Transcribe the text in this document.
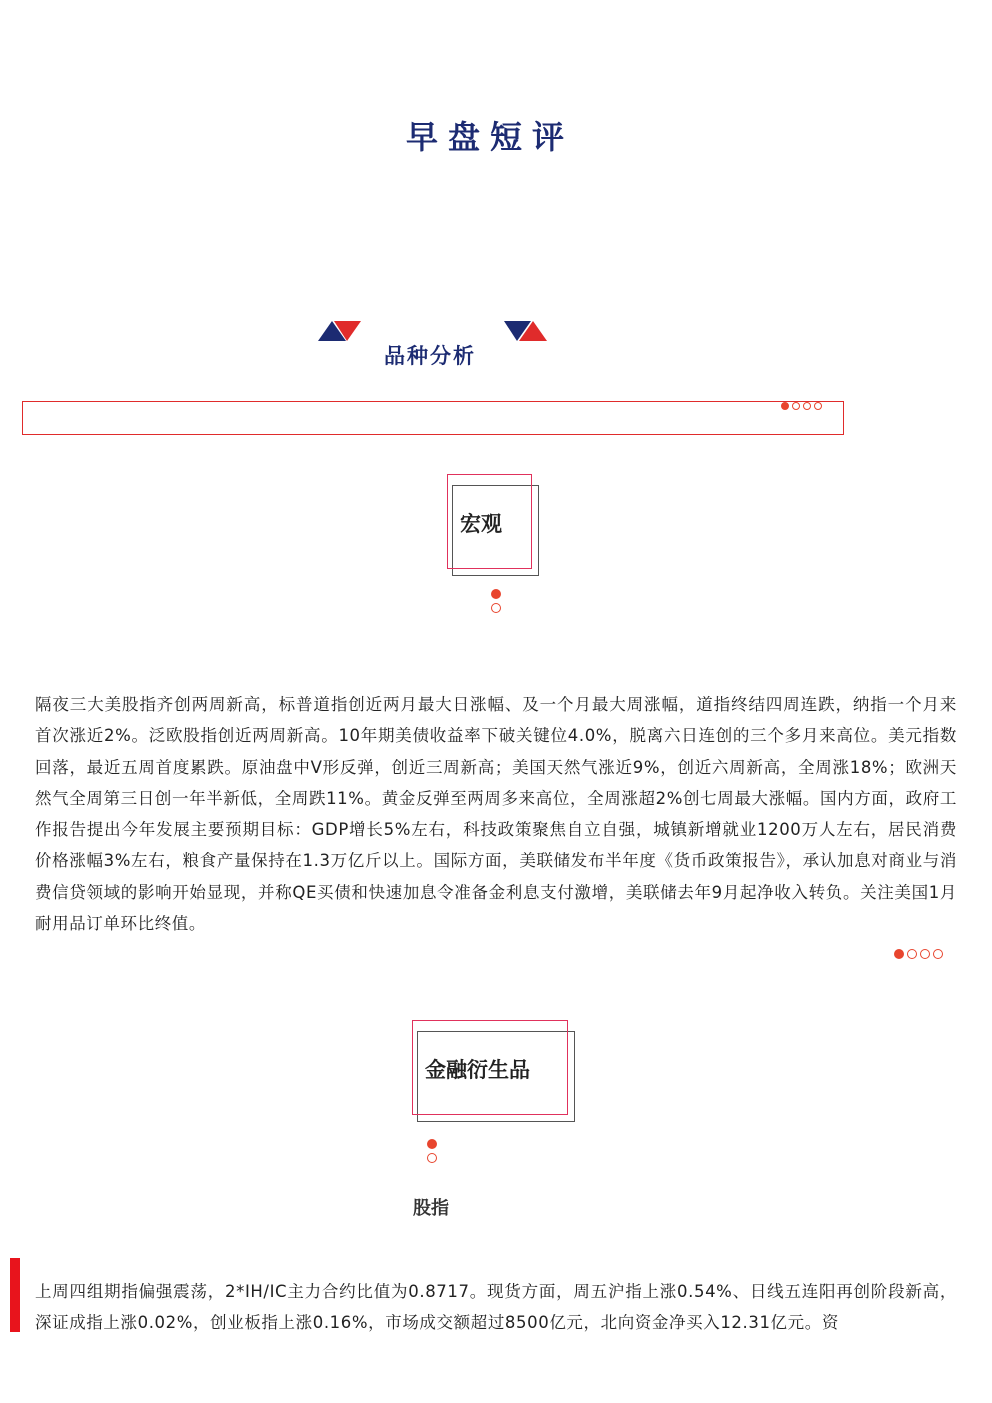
早盘短评
品种分析
宏观
隔夜三大美股指齐创两周新高，标普道指创近两月最大日涨幅、及一个月最大周涨幅，道指终结四周连跌，纳指一个月来首次涨近2%。泛欧股指创近两周新高。10年期美债收益率下破关键位4.0%，脱离六日连创的三个多月来高位。美元指数回落，最近五周首度累跌。原油盘中V形反弹，创近三周新高；美国天然气涨近9%，创近六周新高，全周涨18%；欧洲天然气全周第三日创一年半新低，全周跌11%。黄金反弹至两周多来高位，全周涨超2%创七周最大涨幅。国内方面，政府工作报告提出今年发展主要预期目标：GDP增长5%左右，科技政策聚焦自立自强，城镇新增就业1200万人左右，居民消费价格涨幅3%左右，粮食产量保持在1.3万亿斤以上。国际方面，美联储发布半年度《货币政策报告》，承认加息对商业与消费信贷领域的影响开始显现，并称QE买债和快速加息令准备金利息支付激增，美联储去年9月起净收入转负。关注美国1月耐用品订单环比终值。
金融衍生品
股指
上周四组期指偏强震荡，2*IH/IC主力合约比值为0.8717。现货方面，周五沪指上涨0.54%、日线五连阳再创阶段新高，深证成指上涨0.02%，创业板指上涨0.16%，市场成交额超过8500亿元，北向资金净买入12.31亿元。资
